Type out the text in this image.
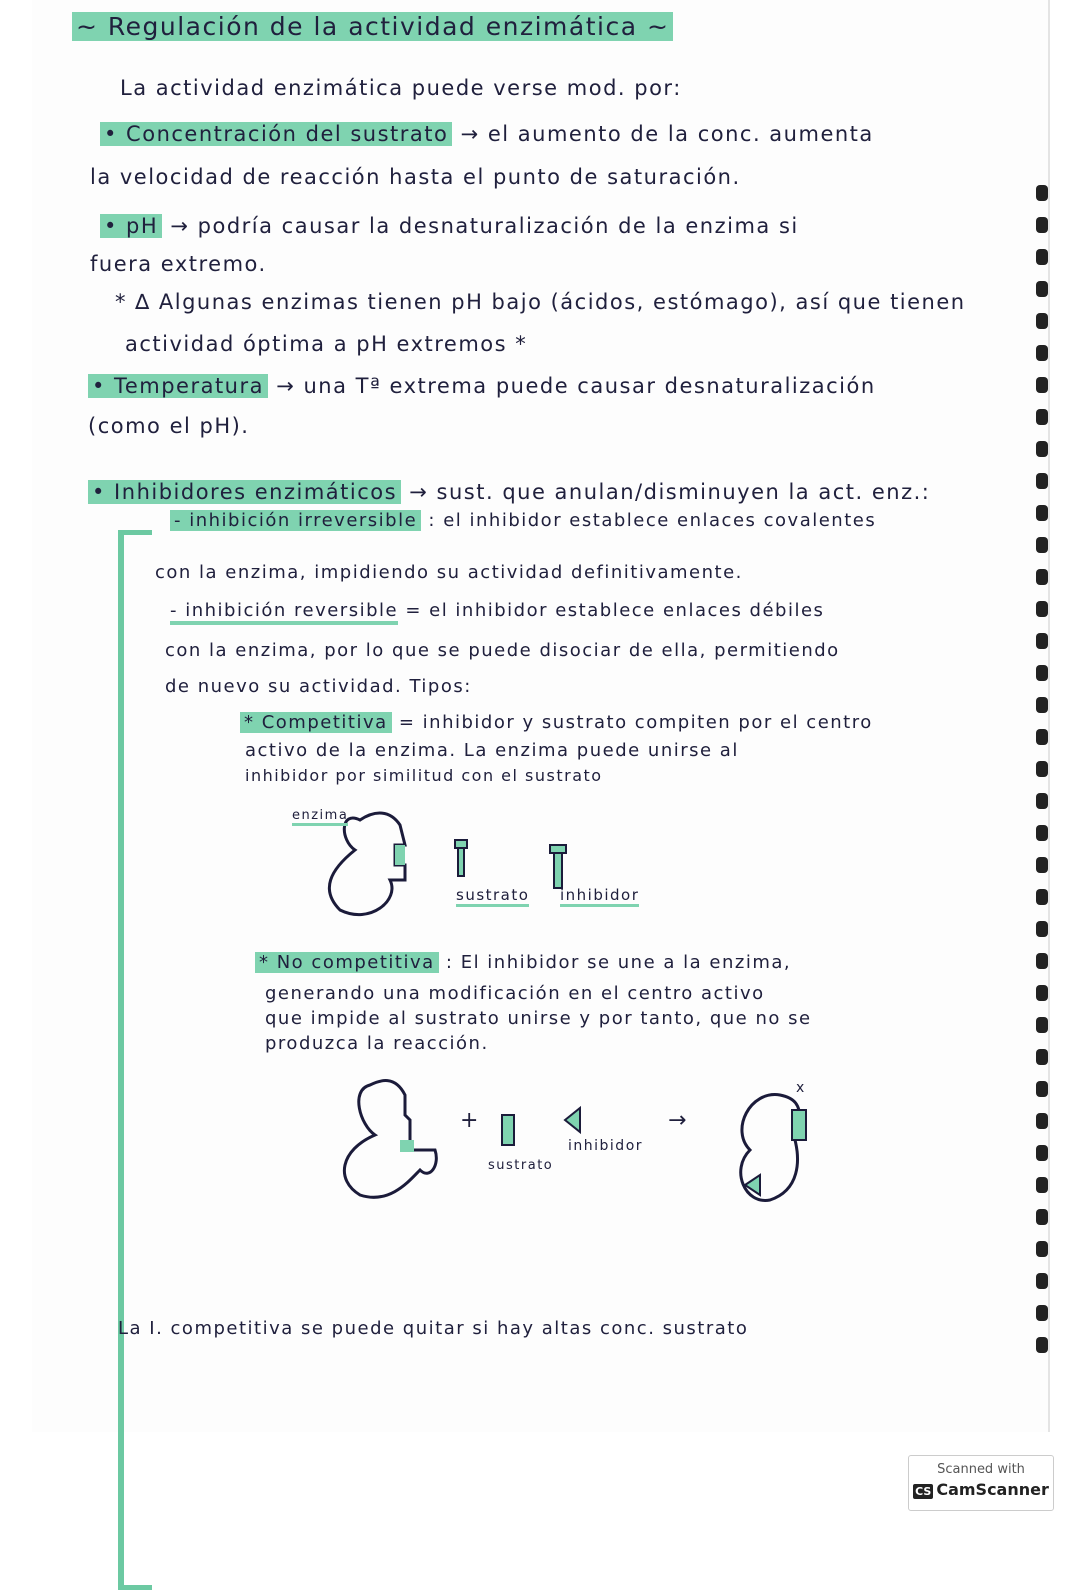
~ Regulación de la actividad enzimática ~
La actividad enzimática puede verse mod. por:
• Concentración del sustrato → el aumento de la conc. aumenta
la velocidad de reacción hasta el punto de saturación.
• pH → podría causar la desnaturalización de la enzima si
fuera extremo.
* ∆ Algunas enzimas tienen pH bajo (ácidos, estómago), así que tienen
actividad óptima a pH extremos *
• Temperatura → una Tª extrema puede causar desnaturalización
(como el pH).
• Inhibidores enzimáticos → sust. que anulan/disminuyen la act. enz.:
- inhibición irreversible : el inhibidor establece enlaces covalentes
con la enzima, impidiendo su actividad definitivamente.
- inhibición reversible = el inhibidor establece enlaces débiles
con la enzima, por lo que se puede disociar de ella, permitiendo
de nuevo su actividad. Tipos:
* Competitiva = inhibidor y sustrato compiten por el centro
activo de la enzima. La enzima puede unirse al
inhibidor por similitud con el sustrato
enzima
sustrato inhibidor
* No competitiva : El inhibidor se une a la enzima,
generando una modificación en el centro activo
que impide al sustrato unirse y por tanto, que no se
produzca la reacción.
+
sustrato
inhibidor
→
x
La I. competitiva se puede quitar si hay altas conc. sustrato
Scanned with
CS CamScanner
